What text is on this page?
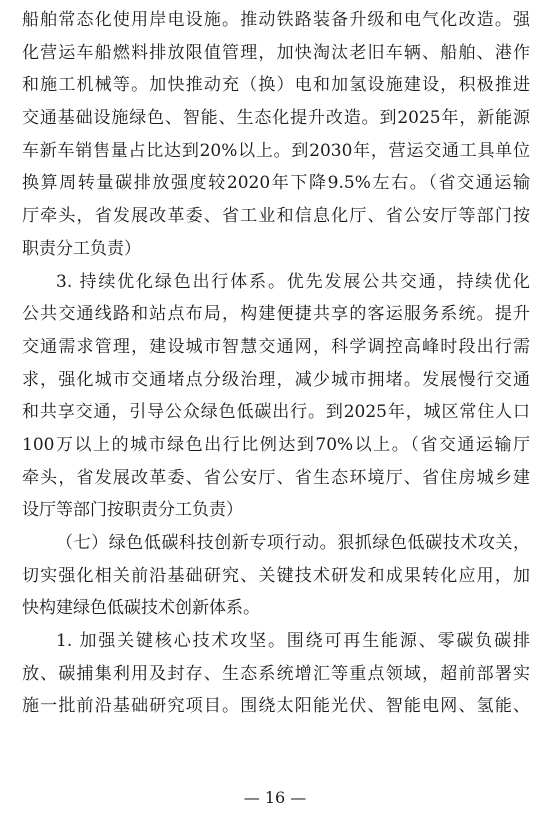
船舶常态化使用岸电设施。推动铁路装备升级和电气化改造。强
化营运车船燃料排放限值管理，加快淘汰老旧车辆、船舶、港作
和施工机械等。加快推动充（换）电和加氢设施建设，积极推进
交通基础设施绿色、智能、生态化提升改造。到2025年，新能源
车新车销售量占比达到20%以上。到2030年，营运交通工具单位
换算周转量碳排放强度较2020年下降9.5%左右。（省交通运输
厅牵头，省发展改革委、省工业和信息化厅、省公安厅等部门按
职责分工负责）
3. 持续优化绿色出行体系。优先发展公共交通，持续优化
公共交通线路和站点布局，构建便捷共享的客运服务系统。提升
交通需求管理，建设城市智慧交通网，科学调控高峰时段出行需
求，强化城市交通堵点分级治理，减少城市拥堵。发展慢行交通
和共享交通，引导公众绿色低碳出行。到2025年，城区常住人口
100万以上的城市绿色出行比例达到70%以上。（省交通运输厅
牵头，省发展改革委、省公安厅、省生态环境厅、省住房城乡建
设厅等部门按职责分工负责）
（七）绿色低碳科技创新专项行动。狠抓绿色低碳技术攻关，
切实强化相关前沿基础研究、关键技术研发和成果转化应用，加
快构建绿色低碳技术创新体系。
1. 加强关键核心技术攻坚。围绕可再生能源、零碳负碳排
放、碳捕集利用及封存、生态系统增汇等重点领域，超前部署实
施一批前沿基础研究项目。围绕太阳能光伏、智能电网、氢能、
— 16 —
